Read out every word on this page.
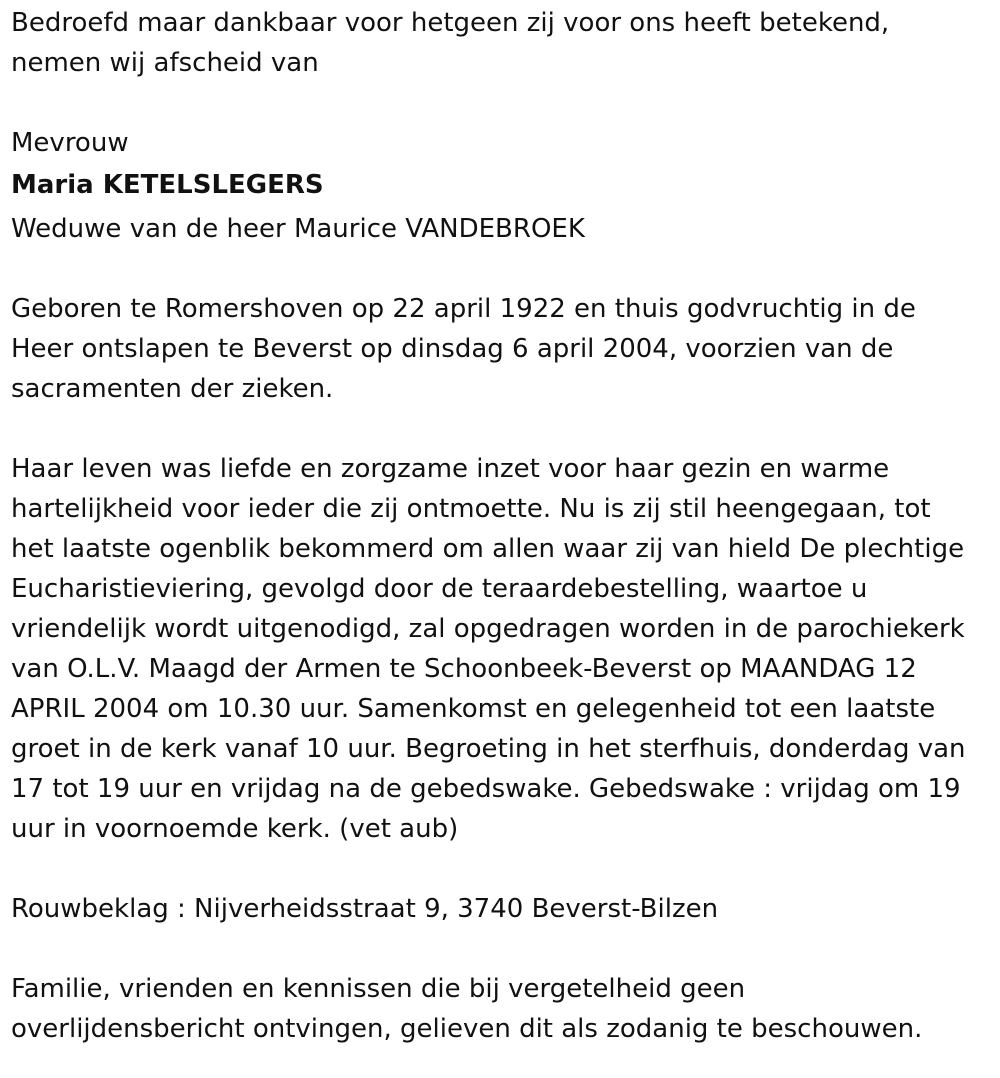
Bedroefd maar dankbaar voor hetgeen zij voor ons heeft betekend,

nemen wij afscheid van

Mevrouw

Maria KETELSLEGERS

Weduwe van de heer Maurice VANDEBROEK

Geboren te Romershoven op 22 april 1922 en thuis godvruchtig in de

Heer ontslapen te Beverst op dinsdag 6 april 2004, voorzien van de

sacramenten der zieken.

Haar leven was liefde en zorgzame inzet voor haar gezin en warme

hartelijkheid voor ieder die zij ontmoette. Nu is zij stil heengegaan, tot

het laatste ogenblik bekommerd om allen waar zij van hield De plechtige

Eucharistieviering, gevolgd door de teraardebestelling, waartoe u

vriendelijk wordt uitgenodigd, zal opgedragen worden in de parochiekerk

van O.L.V. Maagd der Armen te Schoonbeek-Beverst op MAANDAG 12

APRIL 2004 om 10.30 uur. Samenkomst en gelegenheid tot een laatste

groet in de kerk vanaf 10 uur. Begroeting in het sterfhuis, donderdag van

17 tot 19 uur en vrijdag na de gebedswake. Gebedswake : vrijdag om 19

uur in voornoemde kerk. (vet aub)

Rouwbeklag : Nijverheidsstraat 9, 3740 Beverst-Bilzen

Familie, vrienden en kennissen die bij vergetelheid geen

overlijdensbericht ontvingen, gelieven dit als zodanig te beschouwen.
